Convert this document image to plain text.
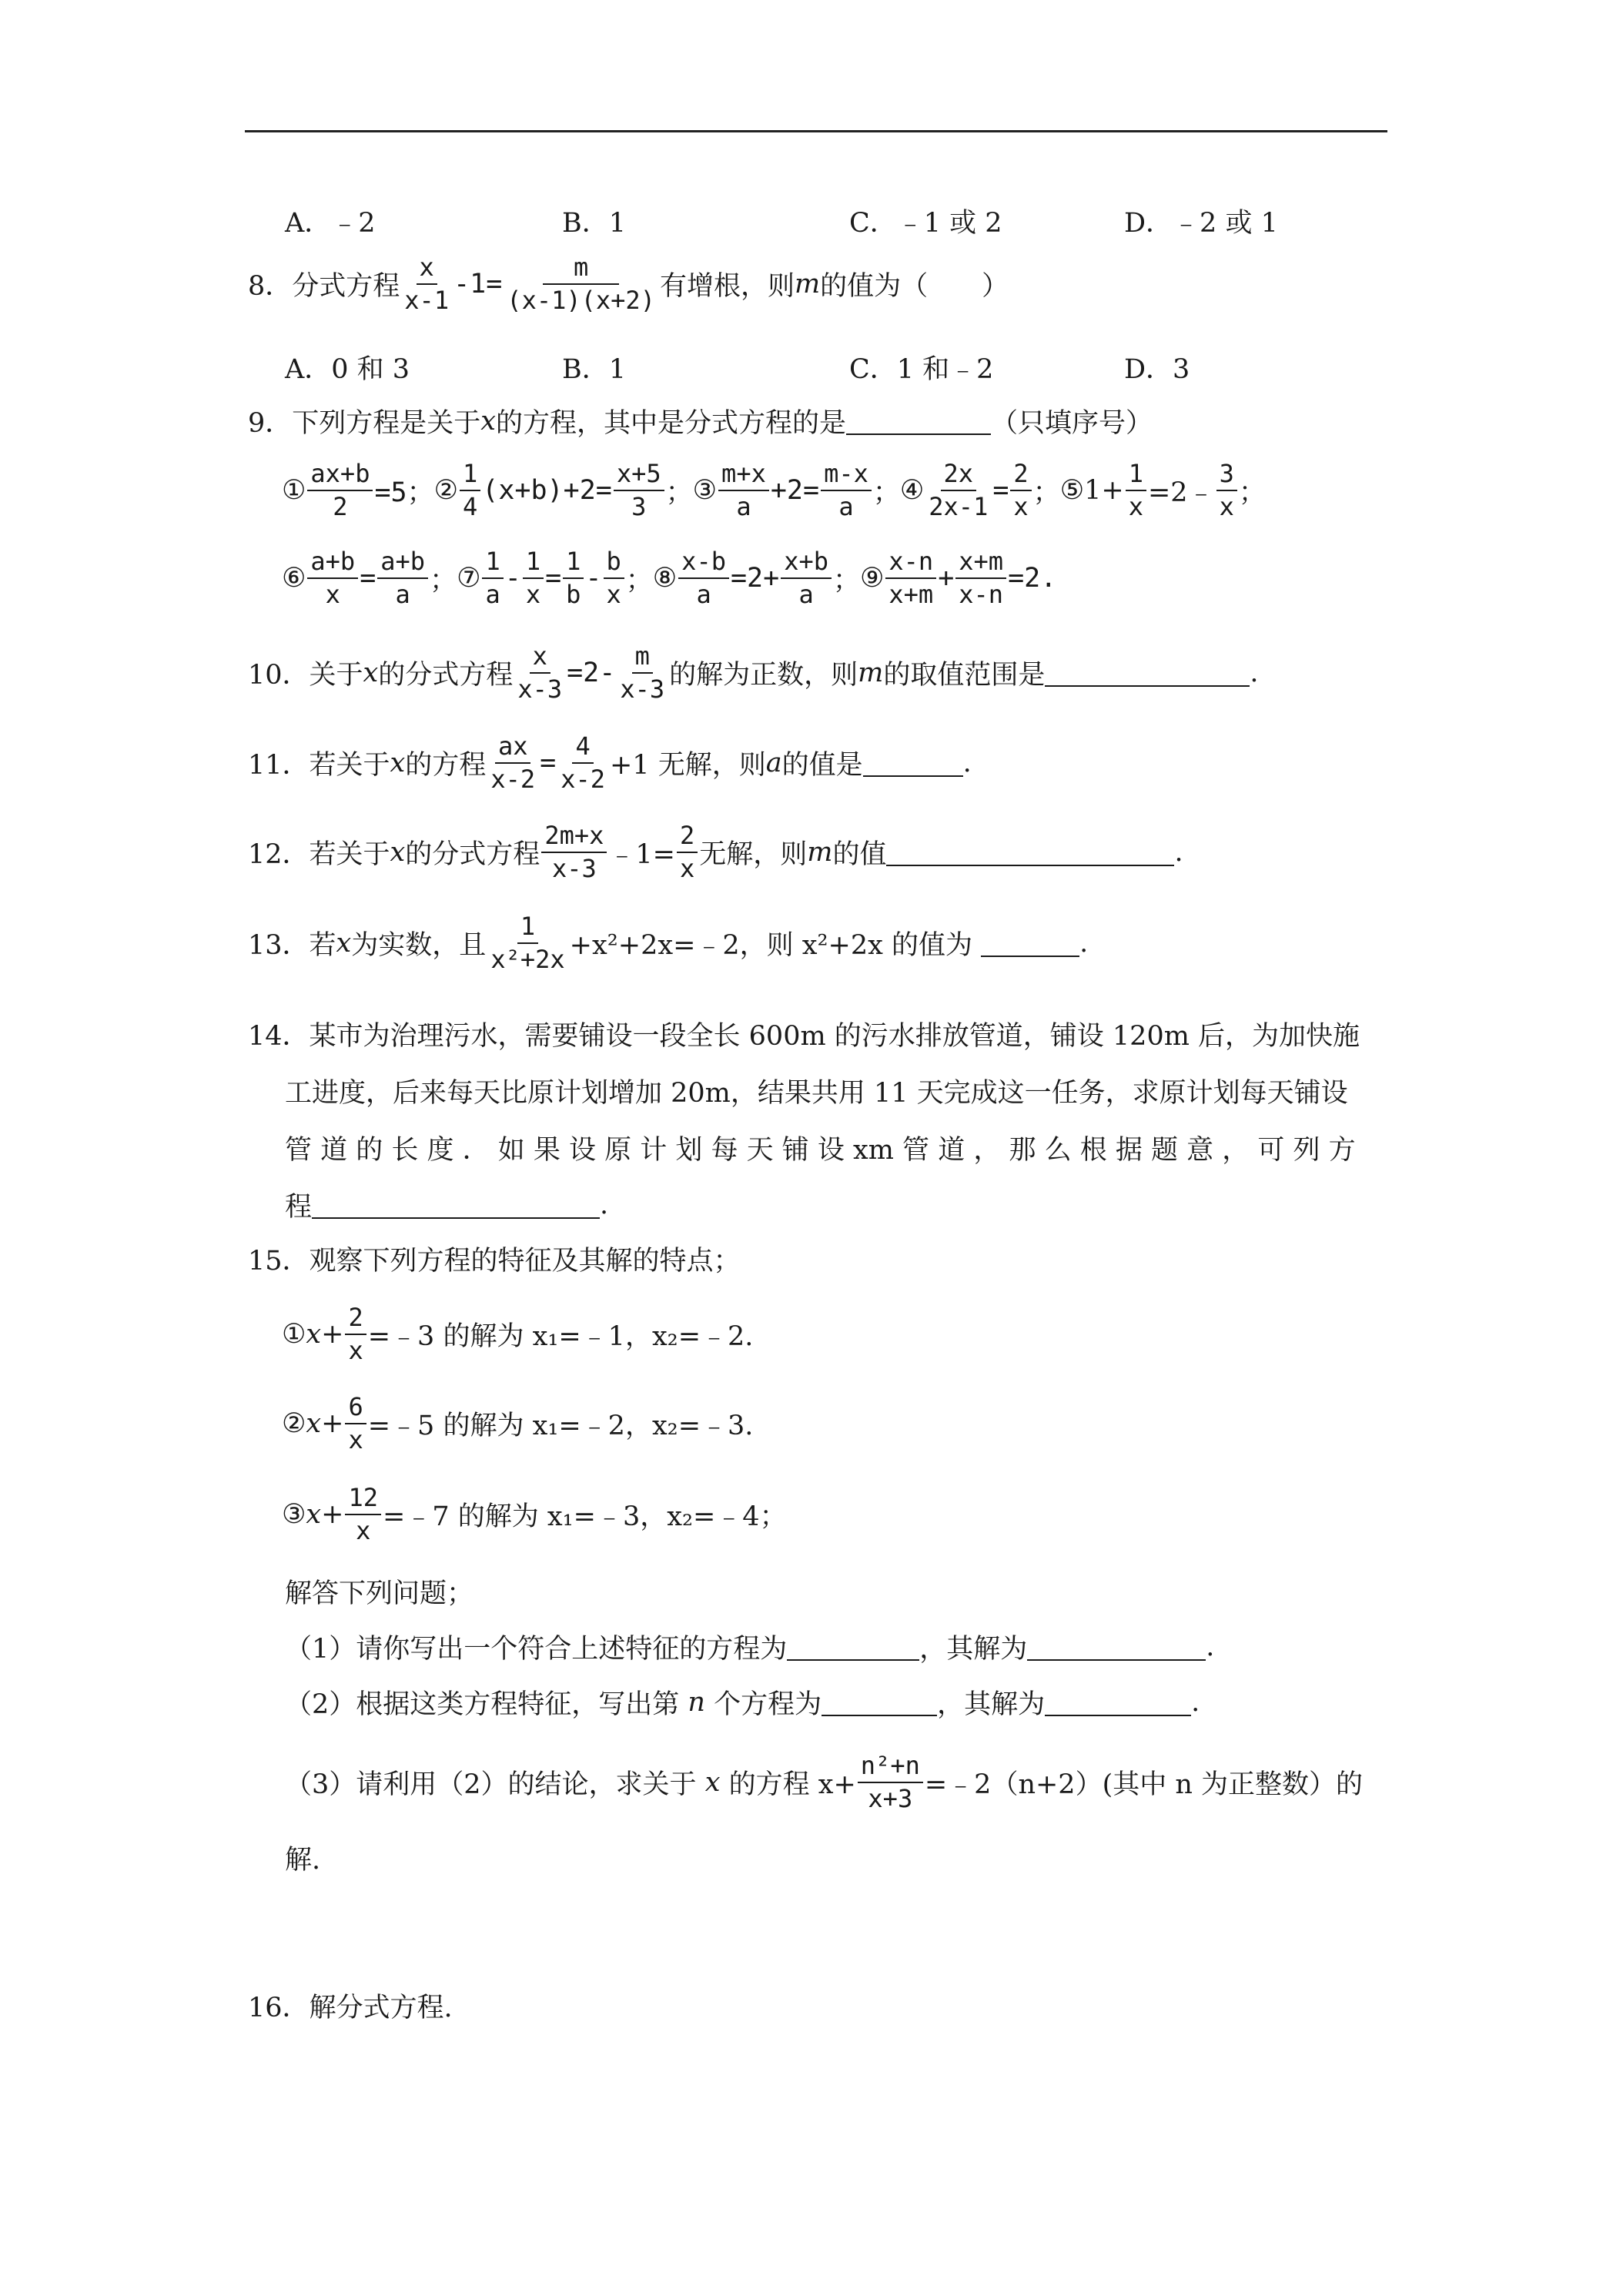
A．﹣2	B．1	C．﹣1 或 2	D．﹣2 或 1
8．分式方程 $\frac{x}{x-1} -1= \frac{m}{(x-1)(x+2)}$ 有增根，则 m 的值为（　　）
A．0 和 3	B．1	C．1 和﹣2	D．3
9．下列方程是关于 x 的方程，其中是分式方程的是	（只填序号）
① $\frac{ax+b}{2} =5$； ② $\frac{1}{4} (x+b)+2= \frac{x+5}{3}$ ； ③ $\frac{m+x}{a} +2= \frac{m-x}{a}$ ； ④ $\frac{2x}{2x-1} = \frac{2}{x}$ ； ⑤ $1+ \frac{1}{x}$ =2﹣ $\frac{3}{x}$ ；
⑥ $\frac{a+b}{x} = \frac{a+b}{a}$ ； ⑦ $\frac{1}{a} - \frac{1}{x} = \frac{1}{b} - \frac{b}{x}$ ； ⑧ $\frac{x-b}{a} =2+ \frac{x+b}{a}$ ； ⑨ $\frac{x-n}{x+m} + \frac{x+m}{x-n} =2$.
10．关于 x 的分式方程 $\frac{x}{x-3} =2- \frac{m}{x-3}$ 的解为正数，则 m 的取值范围是	.
11．若关于 x 的方程 $\frac{ax}{x-2} = \frac{4}{x-2} +1$ 无解，则 a 的值是	.
12．若关于 x 的分式方程 $\frac{2m+x}{x-3}$ ﹣1= $\frac{2}{x}$ 无解，则 m 的值	.
13．若 x 为实数，且 $\frac{1}{\text{x²+2x}}$ +x²+2x=﹣2，则 x²+2x 的值为
	.
14．某市为治理污水，需要铺设一段全长 600m 的污水排放管道，铺设 120m 后，为加快施
工进度，后来每天比原计划增加 20m，结果共用 11 天完成这一任务，求原计划每天铺设
管 道 的 长 度 ． 如 果 设 原 计 划 每 天 铺 设 xm 管 道 ， 那 么 根 据 题 意 ， 可 列 方
程	.
15．观察下列方程的特征及其解的特点；
① $x+ \frac{2}{x}$ =﹣3 的解为 x₁=﹣1，x₂=﹣2.
② $x+ \frac{6}{x}$ =﹣5 的解为 x₁=﹣2，x₂=﹣3.
③ $x+ \frac{12}{x}$ =﹣7 的解为 x₁=﹣3，x₂=﹣4；
解答下列问题；
（1）请你写出一个符合上述特征的方程为	，其解为	.
（2）根据这类方程特征，写出第
n
个方程为	，其解为	.
（3）请利用（2）的结论，求关于
x
的方程 $x+ \frac{\text{n²+n}}{x+3}$ =﹣2（n+2）(其中 n 为正整数）的
解.
16．解分式方程.
